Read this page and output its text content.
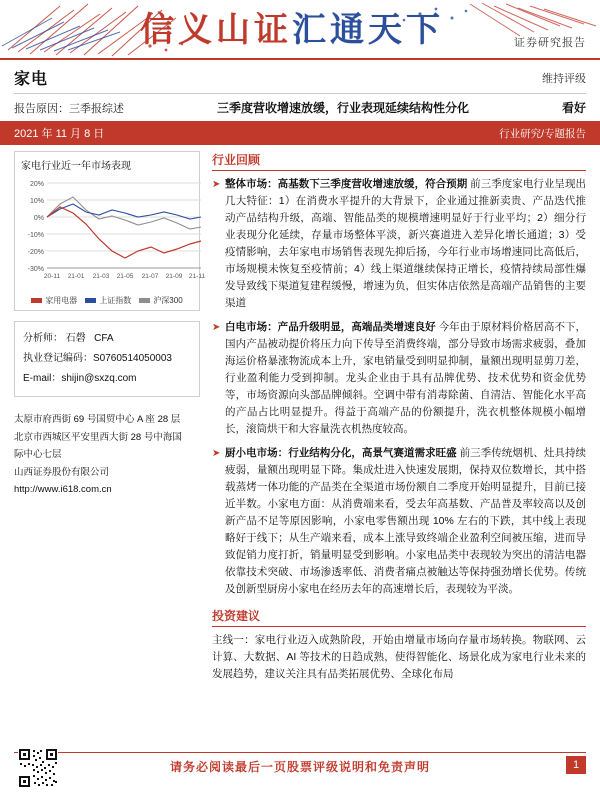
信义山证汇通天下	证券研究报告
家电	维持评级
报告原因：三季报综述	三季度营收增速放缓，行业表现延续结构性分化	看好
2021 年 11 月 8 日	行业研究/专题报告
家电行业近一年市场表现
20%
10%
0%
-10%
-20%
-30%
20-11 21-01 21-03 21-05 21-07 21-09 21-11
家用电器	上证指数	沪深300
分析师： 石磬 CFA
执业登记编码：S0760514050003
E-mail：shijin@sxzq.com
太原市府西街 69 号国贸中心 A 座 28 层
北京市西城区平安里西大街 28 号中海国
际中心七层
山西证券股份有限公司
http://www.i618.com.cn
行业回顾
➤ 整体市场：高基数下三季度营收增速放缓，符合预期 前三季度家电行业呈现出几大特征：1）在消费水平提升的大背景下，企业通过推新卖贵、产品迭代推动产品结构升级，高端、智能品类的规模增速明显好于行业平均；2）细分行业表现分化延续，存量市场整体平淡，新兴赛道进入差异化增长通道；3）受疫情影响，去年家电市场销售表现先抑后扬，今年行业市场增速同比高低后，市场规模未恢复至疫情前；4）线上渠道继续保持正增长，疫情持续局部性爆发导致线下渠道复建程缓慢，增速为负，但实体店依然是高端产品销售的主要渠道
➤ 白电市场：产品升级明显，高端品类增速良好 今年由于原材料价格居高不下，国内产品被动提价将压力向下传导至消费终端，部分导致市场需求疲弱，叠加海运价格暴涨物流成本上升，家电销量受到明显抑制，量额出现明显剪刀差，行业盈利能力受到抑制。龙头企业由于具有品牌优势、技术优势和资金优势等，市场资源向头部品牌倾斜。空调中带有消毒除菌、自清洁、智能化水平高的产品占比明显提升。得益于高端产品的份额提升，洗衣机整体规模小幅增长，滚筒烘干和大容量洗衣机热度较高。
➤ 厨小电市场：行业结构分化，高景气赛道需求旺盛 前三季传统烟机、灶具持续疲弱，量额出现明显下降。集成灶进入快速发展期，保持双位数增长，其中搭载蒸烤一体功能的产品类在全渠道市场份额自二季度开始明显提升，目前已接近半数。小家电方面：从消费端来看，受去年高基数、产品普及率较高以及创新产品不足等原因影响，小家电零售额出现 10% 左右的下跌，其中线上表现略好于线下；从生产端来看，成本上涨导致终端企业盈利空间被压缩，进而导致促销力度打折，销量明显受到影响。小家电品类中表现较为突出的清洁电器依靠技术突破、市场渗透率低、消费者痛点被触达等保持强劲增长优势。传统及创新型厨房小家电在经历去年的高速增长后，表现较为平淡。
投资建议
主线一：家电行业迈入成熟阶段，开始由增量市场向存量市场转换。物联网、云计算、大数据、AI 等技术的日趋成熟，使得智能化、场景化成为家电行业未来的发展趋势，建议关注具有品类拓展优势、全球化布局
请务必阅读最后一页股票评级说明和免责声明	1
